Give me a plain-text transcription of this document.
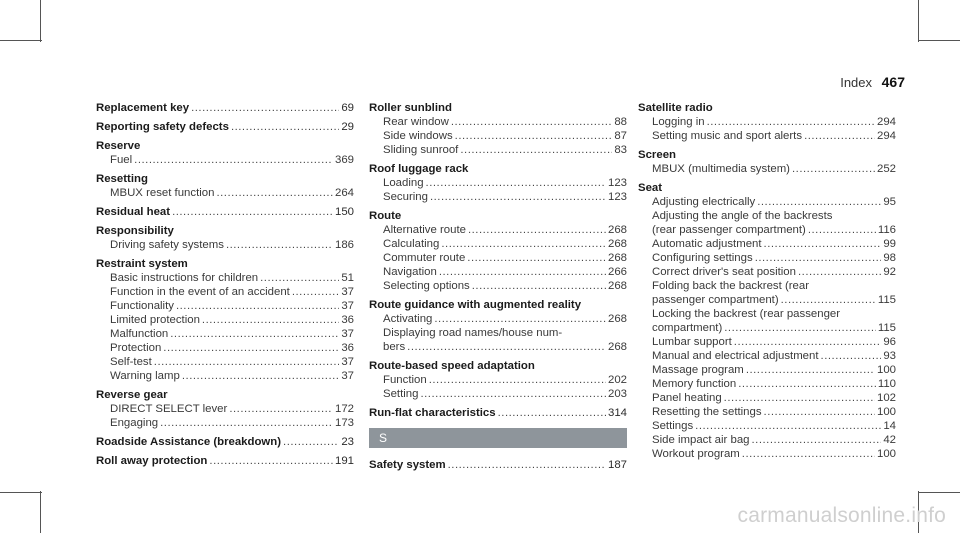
Index 467
Replacement key .....	69
Reporting safety defects .....	29
Reserve
Fuel .....	369
Resetting
MBUX reset function .....	264
Residual heat .....	150
Responsibility
Driving safety systems .....	186
Restraint system
Basic instructions for children .....	51
Function in the event of an accident .....	37
Functionality .....	37
Limited protection .....	36
Malfunction .....	37
Protection .....	36
Self-test .....	37
Warning lamp .....	37
Reverse gear
DIRECT SELECT lever .....	172
Engaging .....	173
Roadside Assistance (breakdown) .....	23
Roll away protection .....	191
Roller sunblind
Rear window .....	88
Side windows .....	87
Sliding sunroof .....	83
Roof luggage rack
Loading .....	123
Securing .....	123
Route
Alternative route .....	268
Calculating .....	268
Commuter route .....	268
Navigation .....	266
Selecting options .....	268
Route guidance with augmented reality
Activating .....	268
Displaying road names/house num-
bers .....	268
Route-based speed adaptation
Function .....	202
Setting .....	203
Run-flat characteristics .....	314
S
Safety system .....	187
Satellite radio
Logging in .....	294
Setting music and sport alerts .....	294
Screen
MBUX (multimedia system) .....	252
Seat
Adjusting electrically .....	95
Adjusting the angle of the backrests
(rear passenger compartment) .....	116
Automatic adjustment .....	99
Configuring settings .....	98
Correct driver's seat position .....	92
Folding back the backrest (rear
passenger compartment) .....	115
Locking the backrest (rear passenger
compartment) .....	115
Lumbar support .....	96
Manual and electrical adjustment .....	93
Massage program .....	100
Memory function .....	110
Panel heating .....	102
Resetting the settings .....	100
Settings .....	14
Side impact air bag .....	42
Workout program .....	100
carmanualsonline.info
